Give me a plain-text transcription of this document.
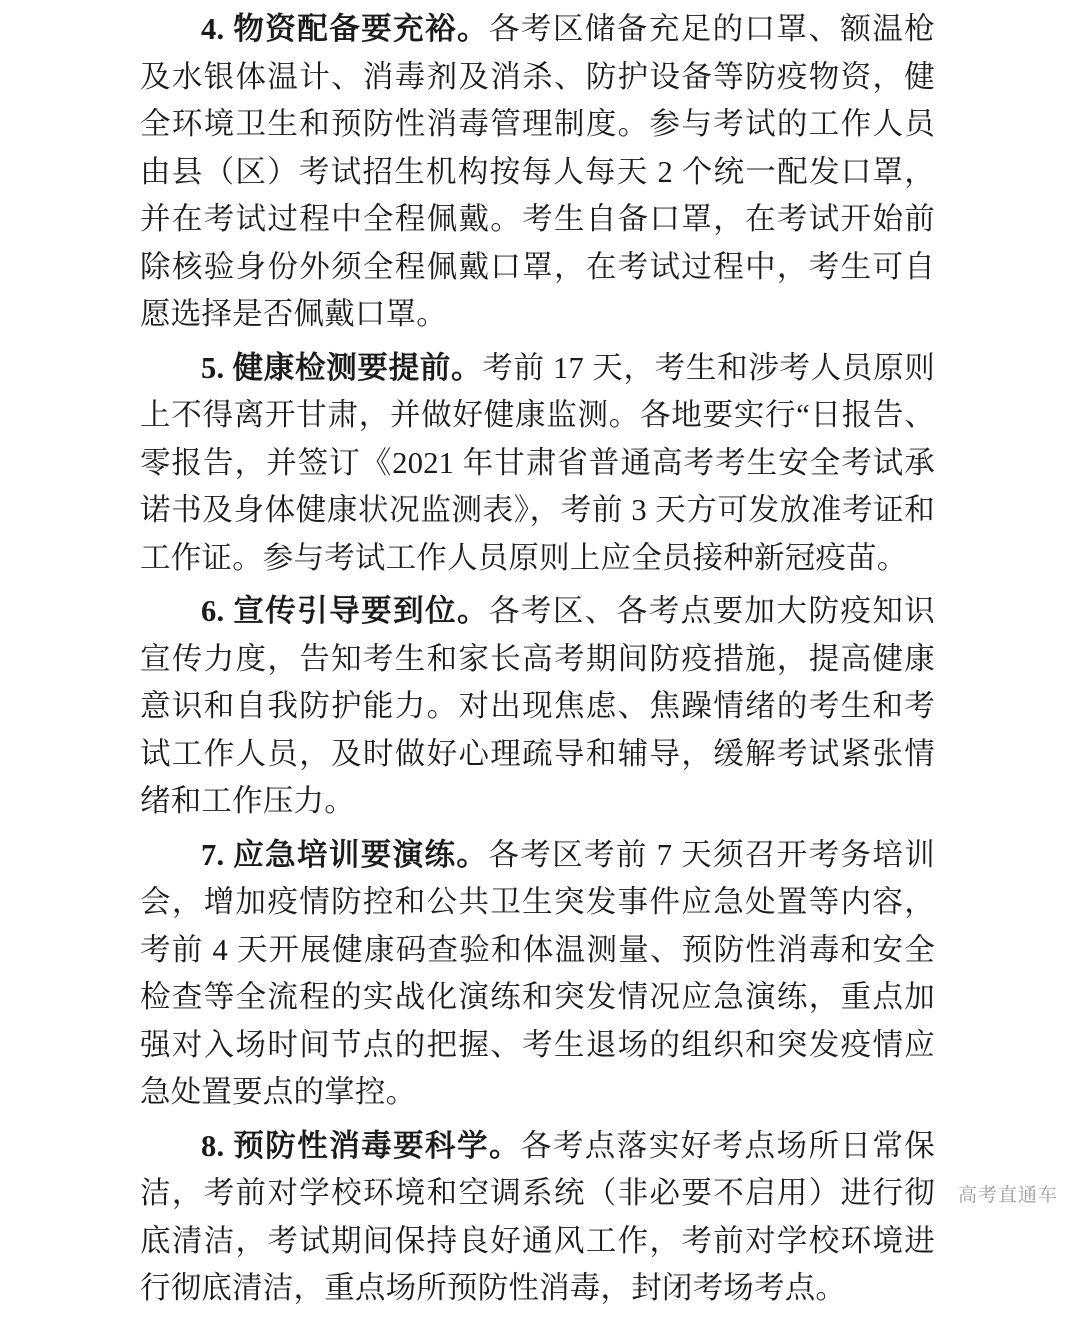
4. 物资配备要充裕。各考区储备充足的口罩、额温枪及水银体温计、消毒剂及消杀、防护设备等防疫物资，健全环境卫生和预防性消毒管理制度。参与考试的工作人员由县（区）考试招生机构按每人每天 2 个统一配发口罩，并在考试过程中全程佩戴。考生自备口罩，在考试开始前除核验身份外须全程佩戴口罩，在考试过程中，考生可自愿选择是否佩戴口罩。

5. 健康检测要提前。考前 17 天，考生和涉考人员原则上不得离开甘肃，并做好健康监测。各地要实行“日报告、零报告，并签订《2021 年甘肃省普通高考考生安全考试承诺书及身体健康状况监测表》，考前 3 天方可发放准考证和工作证。参与考试工作人员原则上应全员接种新冠疫苗。

6. 宣传引导要到位。各考区、各考点要加大防疫知识宣传力度，告知考生和家长高考期间防疫措施，提高健康意识和自我防护能力。对出现焦虑、焦躁情绪的考生和考试工作人员，及时做好心理疏导和辅导，缓解考试紧张情绪和工作压力。

7. 应急培训要演练。各考区考前 7 天须召开考务培训会，增加疫情防控和公共卫生突发事件应急处置等内容，考前 4 天开展健康码查验和体温测量、预防性消毒和安全检查等全流程的实战化演练和突发情况应急演练，重点加强对入场时间节点的把握、考生退场的组织和突发疫情应急处置要点的掌控。

8. 预防性消毒要科学。各考点落实好考点场所日常保洁，考前对学校环境和空调系统（非必要不启用）进行彻底清洁，考试期间保持良好通风工作，考前对学校环境进行彻底清洁，重点场所预防性消毒，封闭考场考点。

高考直通车
